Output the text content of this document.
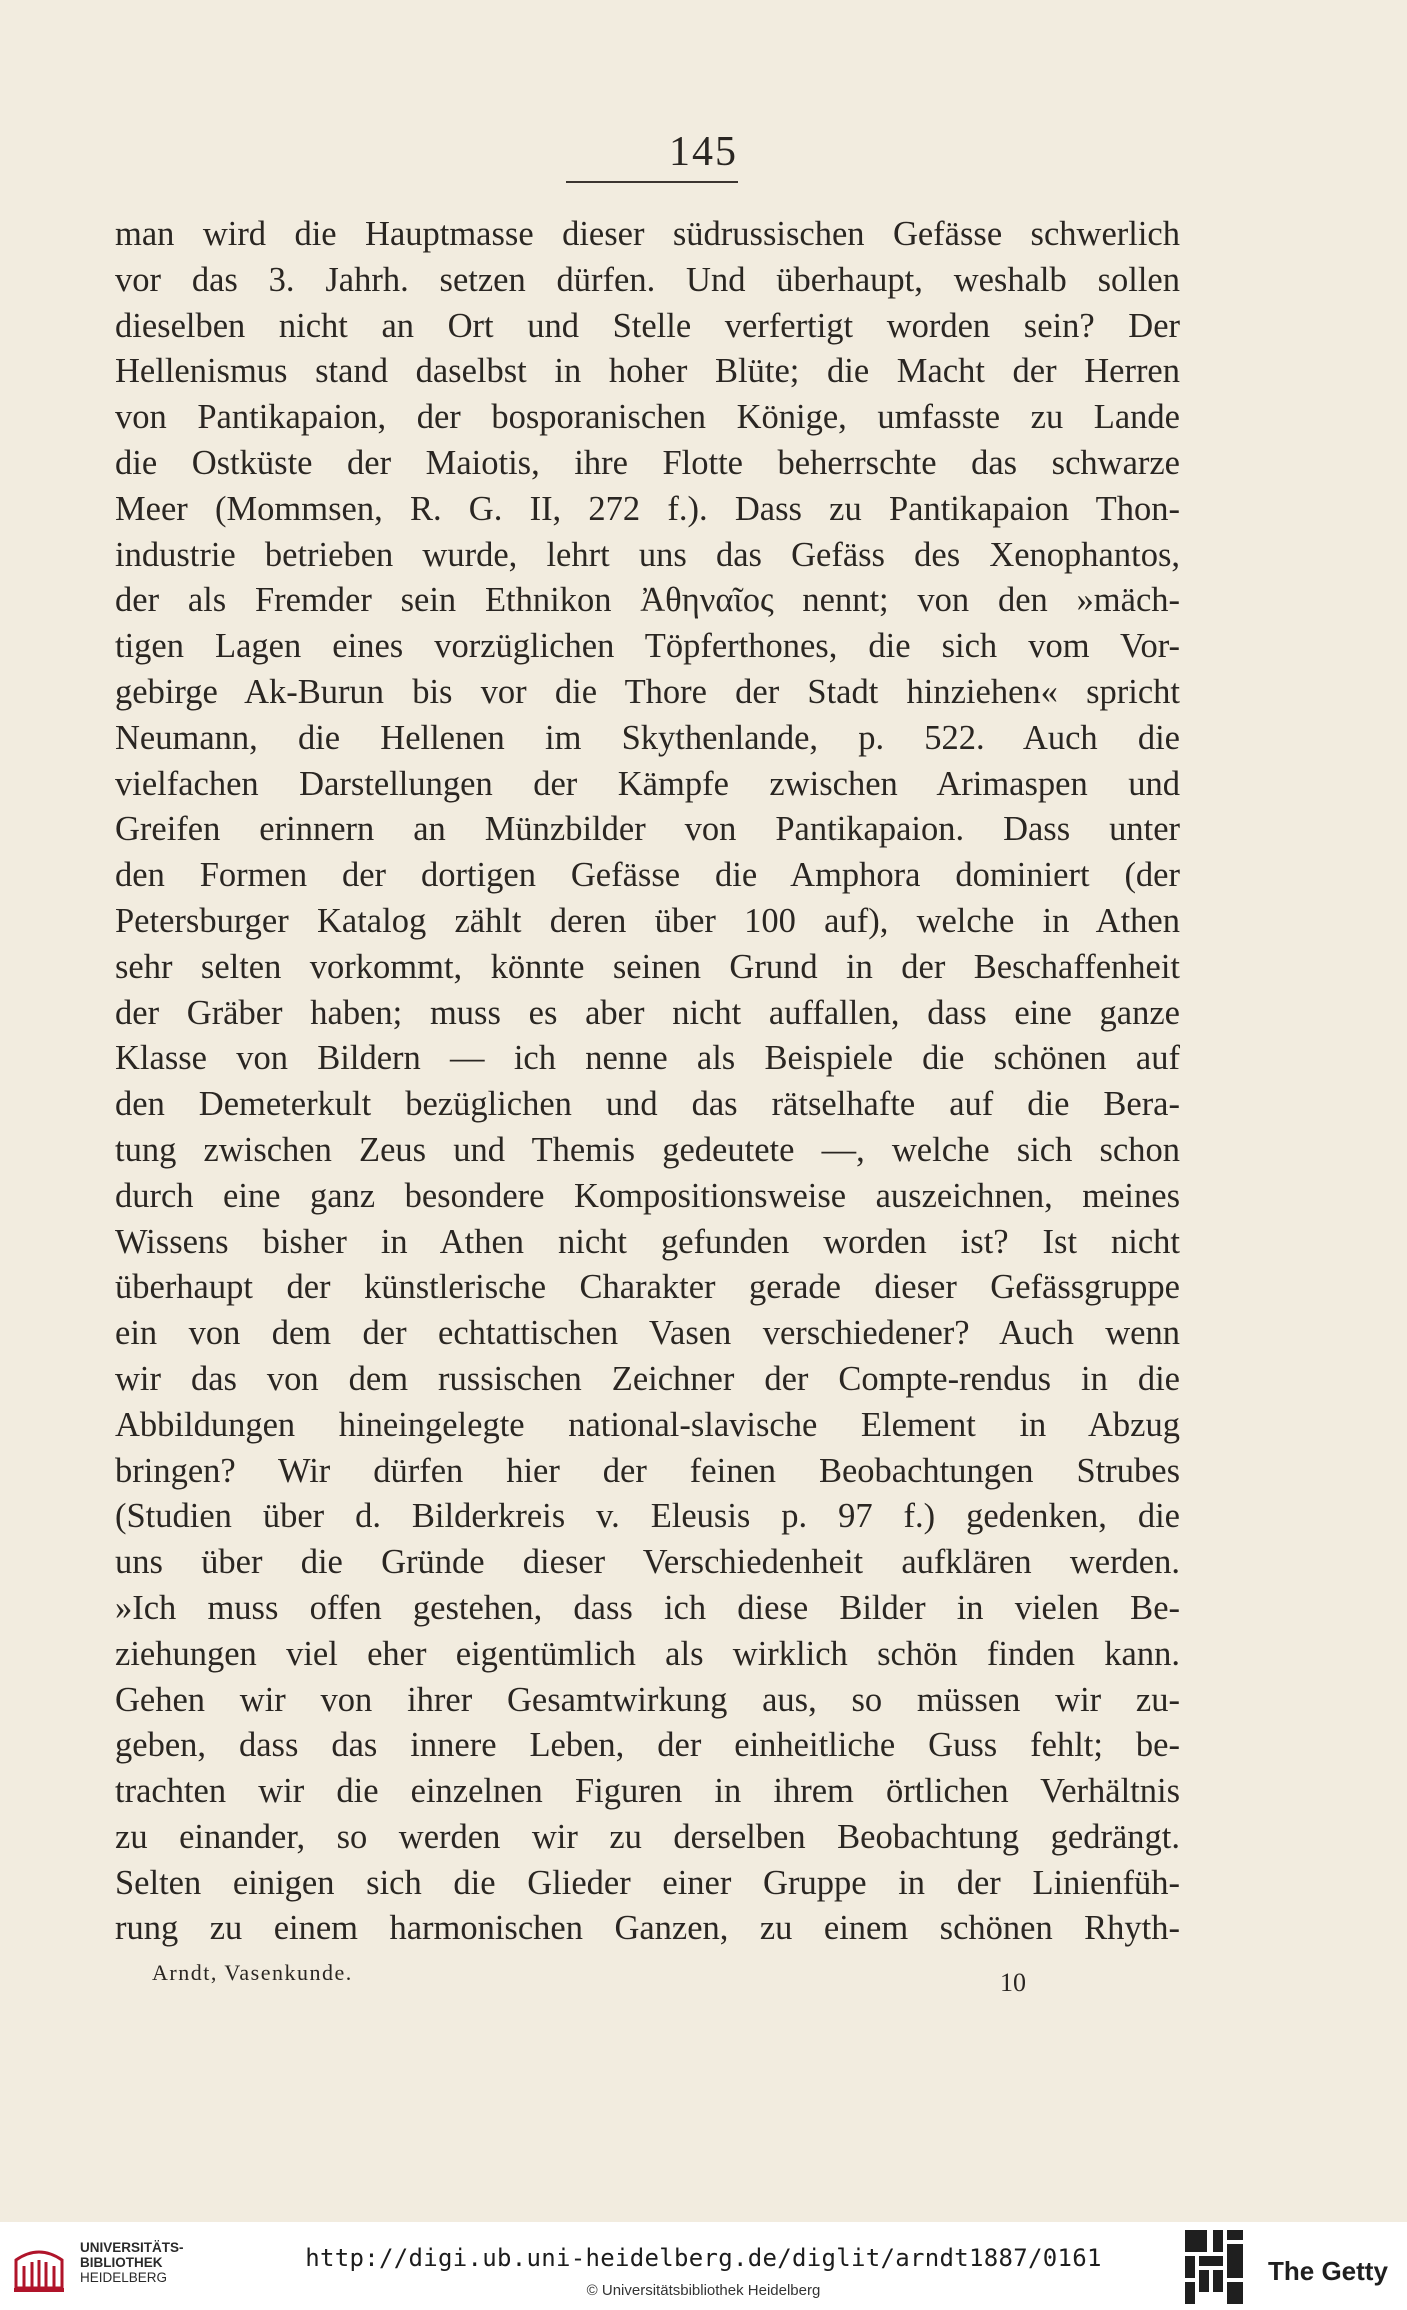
145
man wird die Hauptmasse dieser südrussischen Gefässe schwerlich
vor das 3. Jahrh. setzen dürfen. Und überhaupt, weshalb sollen
dieselben nicht an Ort und Stelle verfertigt worden sein? Der
Hellenismus stand daselbst in hoher Blüte; die Macht der Herren
von Pantikapaion, der bosporanischen Könige, umfasste zu Lande
die Ostküste der Maiotis, ihre Flotte beherrschte das schwarze
Meer (Mommsen, R. G. II, 272 f.). Dass zu Pantikapaion Thon-
industrie betrieben wurde, lehrt uns das Gefäss des Xenophantos,
der als Fremder sein Ethnikon Ἀθηναῖος nennt; von den »mäch-
tigen Lagen eines vorzüglichen Töpferthones, die sich vom Vor-
gebirge Ak-Burun bis vor die Thore der Stadt hinziehen« spricht
Neumann, die Hellenen im Skythenlande, p. 522. Auch die
vielfachen Darstellungen der Kämpfe zwischen Arimaspen und
Greifen erinnern an Münzbilder von Pantikapaion. Dass unter
den Formen der dortigen Gefässe die Amphora dominiert (der
Petersburger Katalog zählt deren über 100 auf), welche in Athen
sehr selten vorkommt, könnte seinen Grund in der Beschaffenheit
der Gräber haben; muss es aber nicht auffallen, dass eine ganze
Klasse von Bildern — ich nenne als Beispiele die schönen auf
den Demeterkult bezüglichen und das rätselhafte auf die Bera-
tung zwischen Zeus und Themis gedeutete —, welche sich schon
durch eine ganz besondere Kompositionsweise auszeichnen, meines
Wissens bisher in Athen nicht gefunden worden ist? Ist nicht
überhaupt der künstlerische Charakter gerade dieser Gefässgruppe
ein von dem der echtattischen Vasen verschiedener? Auch wenn
wir das von dem russischen Zeichner der Compte-rendus in die
Abbildungen hineingelegte national-slavische Element in Abzug
bringen? Wir dürfen hier der feinen Beobachtungen Strubes
(Studien über d. Bilderkreis v. Eleusis p. 97 f.) gedenken, die
uns über die Gründe dieser Verschiedenheit aufklären werden.
»Ich muss offen gestehen, dass ich diese Bilder in vielen Be-
ziehungen viel eher eigentümlich als wirklich schön finden kann.
Gehen wir von ihrer Gesamtwirkung aus, so müssen wir zu-
geben, dass das innere Leben, der einheitliche Guss fehlt; be-
trachten wir die einzelnen Figuren in ihrem örtlichen Verhältnis
zu einander, so werden wir zu derselben Beobachtung gedrängt.
Selten einigen sich die Glieder einer Gruppe in der Linienfüh-
rung zu einem harmonischen Ganzen, zu einem schönen Rhyth-
Arndt, Vasenkunde.	10
UNIVERSITÄTS-
BIBLIOTHEK
HEIDELBERG
http://digi.ub.uni-heidelberg.de/diglit/arndt1887/0161
© Universitätsbibliothek Heidelberg
The Getty
